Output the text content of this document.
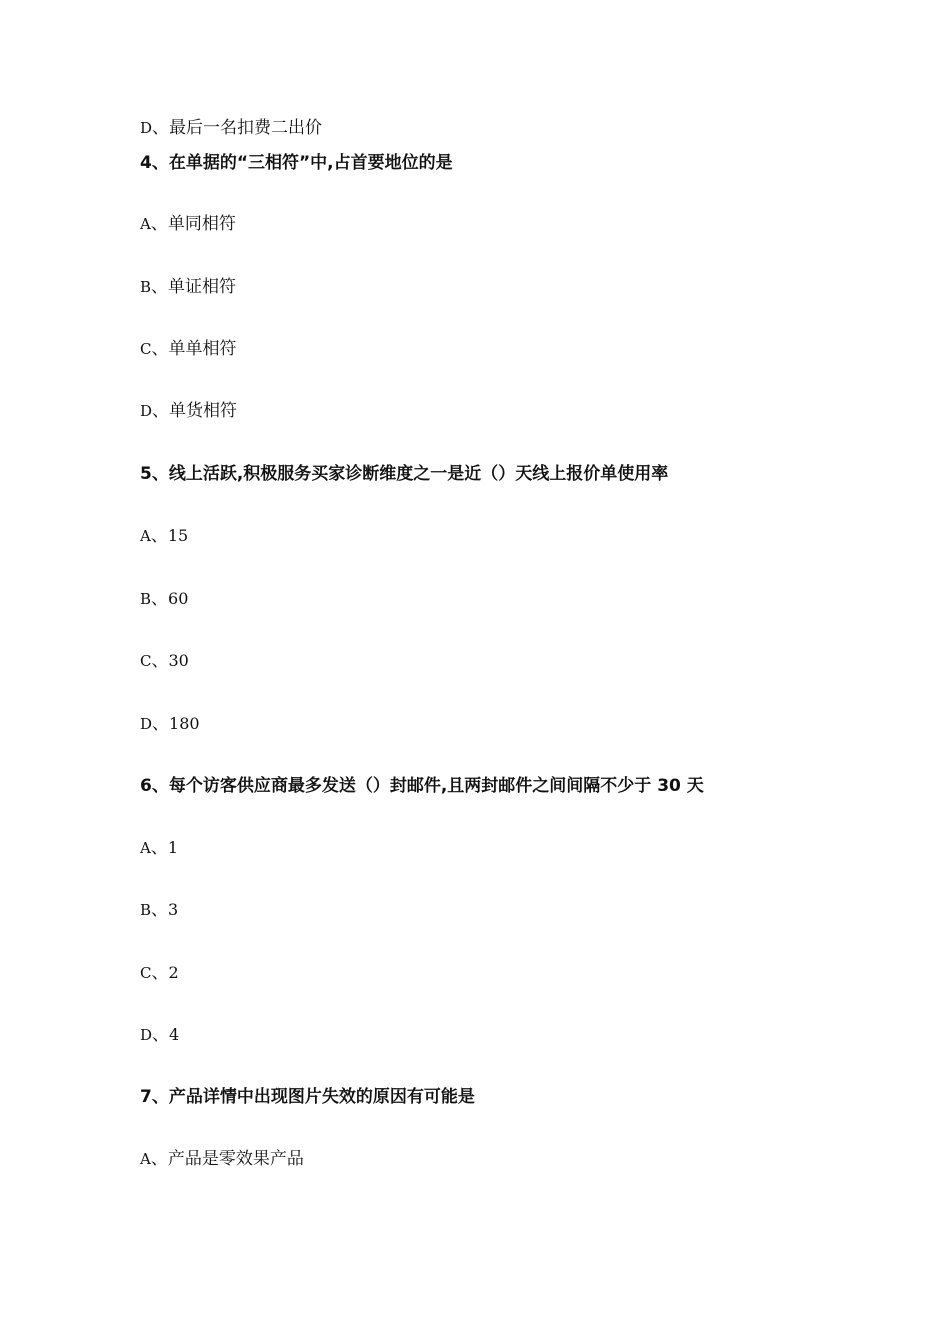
D、最后一名扣费二出价
4、在单据的“三相符”中,占首要地位的是
A、单同相符
B、单证相符
C、单单相符
D、单货相符
5、线上活跃,积极服务买家诊断维度之一是近（）天线上报价单使用率
A、15
B、60
C、30
D、180
6、每个访客供应商最多发送（）封邮件,且两封邮件之间间隔不少于 30 天
A、1
B、3
C、2
D、4
7、产品详情中出现图片失效的原因有可能是
A、产品是零效果产品
